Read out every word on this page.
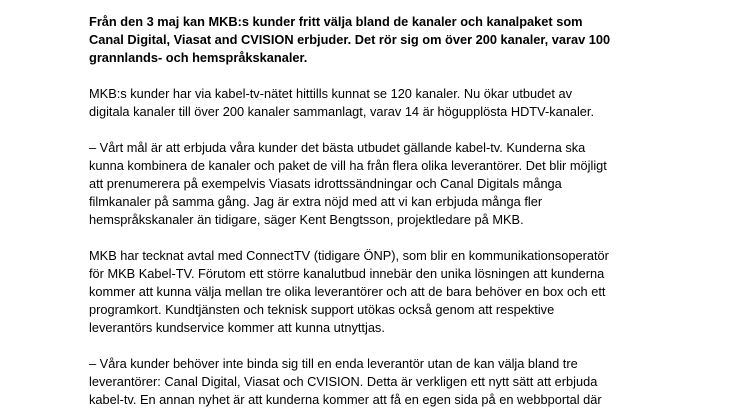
Från den 3 maj kan MKB:s kunder fritt välja bland de kanaler och kanalpaket som
Canal Digital, Viasat and CVISION erbjuder. Det rör sig om över 200 kanaler, varav 100
grannlands- och hemspråkskanaler.

MKB:s kunder har via kabel-tv-nätet hittills kunnat se 120 kanaler. Nu ökar utbudet av
digitala kanaler till över 200 kanaler sammanlagt, varav 14 är högupplösta HDTV-kanaler.

– Vårt mål är att erbjuda våra kunder det bästa utbudet gällande kabel-tv. Kunderna ska
kunna kombinera de kanaler och paket de vill ha från flera olika leverantörer. Det blir möjligt
att prenumerera på exempelvis Viasats idrottssändningar och Canal Digitals många
filmkanaler på samma gång. Jag är extra nöjd med att vi kan erbjuda många fler
hemspråkskanaler än tidigare, säger Kent Bengtsson, projektledare på MKB.

MKB har tecknat avtal med ConnectTV (tidigare ÖNP), som blir en kommunikationsoperatör
för MKB Kabel-TV. Förutom ett större kanalutbud innebär den unika lösningen att kunderna
kommer att kunna välja mellan tre olika leverantörer och att de bara behöver en box och ett
programkort. Kundtjänsten och teknisk support utökas också genom att respektive
leverantörs kundservice kommer att kunna utnyttjas.

– Våra kunder behöver inte binda sig till en enda leverantör utan de kan välja bland tre
leverantörer: Canal Digital, Viasat och CVISION. Detta är verkligen ett nytt sätt att erbjuda
kabel-tv. En annan nyhet är att kunderna kommer att få en egen sida på en webbportal där
